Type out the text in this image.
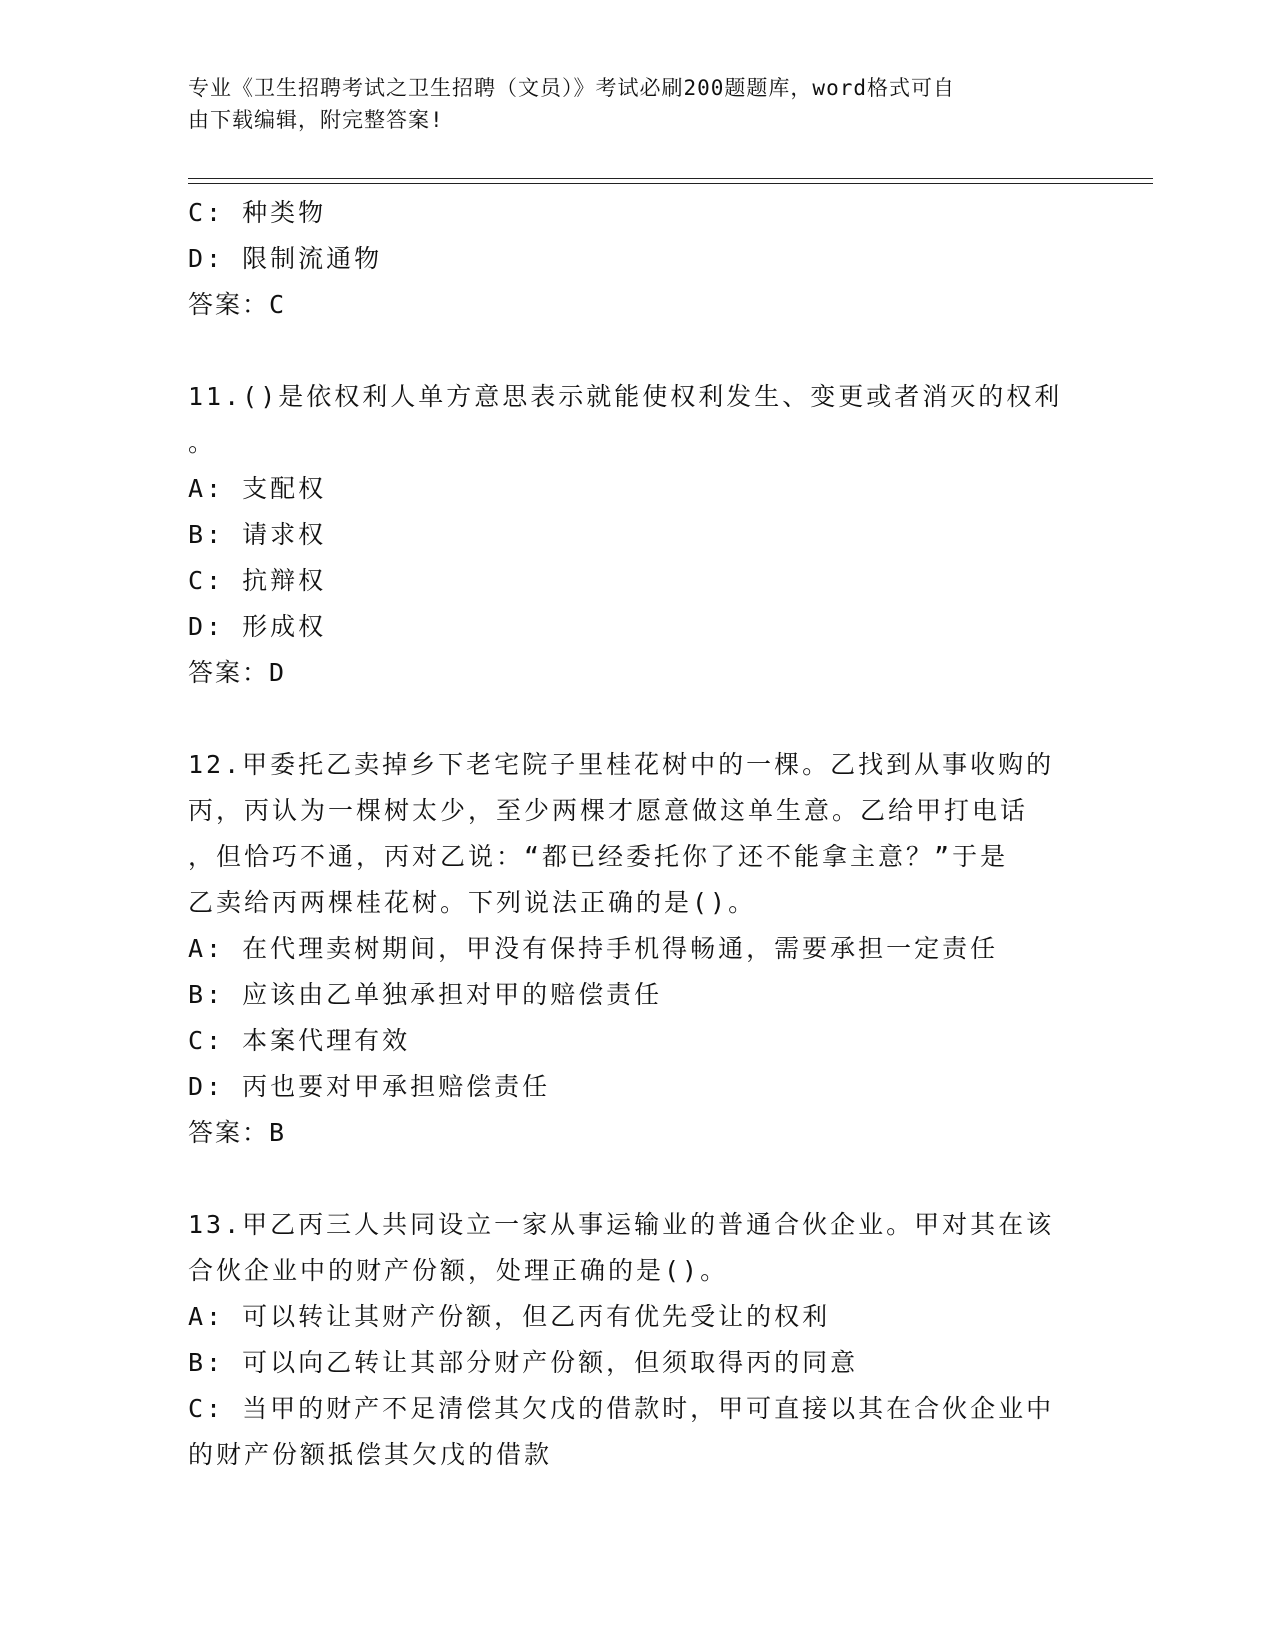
专业《卫生招聘考试之卫生招聘（文员）》考试必刷200题题库，word格式可自
由下载编辑，附完整答案!
C: 种类物
D: 限制流通物
答案：C
11.()是依权利人单方意思表示就能使权利发生、变更或者消灭的权利
。
A: 支配权
B: 请求权
C: 抗辩权
D: 形成权
答案：D
12.甲委托乙卖掉乡下老宅院子里桂花树中的一棵。乙找到从事收购的
丙，丙认为一棵树太少，至少两棵才愿意做这单生意。乙给甲打电话
，但恰巧不通，丙对乙说：“都已经委托你了还不能拿主意？”于是
乙卖给丙两棵桂花树。下列说法正确的是()。
A: 在代理卖树期间，甲没有保持手机得畅通，需要承担一定责任
B: 应该由乙单独承担对甲的赔偿责任
C: 本案代理有效
D: 丙也要对甲承担赔偿责任
答案：B
13.甲乙丙三人共同设立一家从事运输业的普通合伙企业。甲对其在该
合伙企业中的财产份额，处理正确的是()。
A: 可以转让其财产份额，但乙丙有优先受让的权利
B: 可以向乙转让其部分财产份额，但须取得丙的同意
C: 当甲的财产不足清偿其欠戊的借款时，甲可直接以其在合伙企业中
的财产份额抵偿其欠戊的借款
